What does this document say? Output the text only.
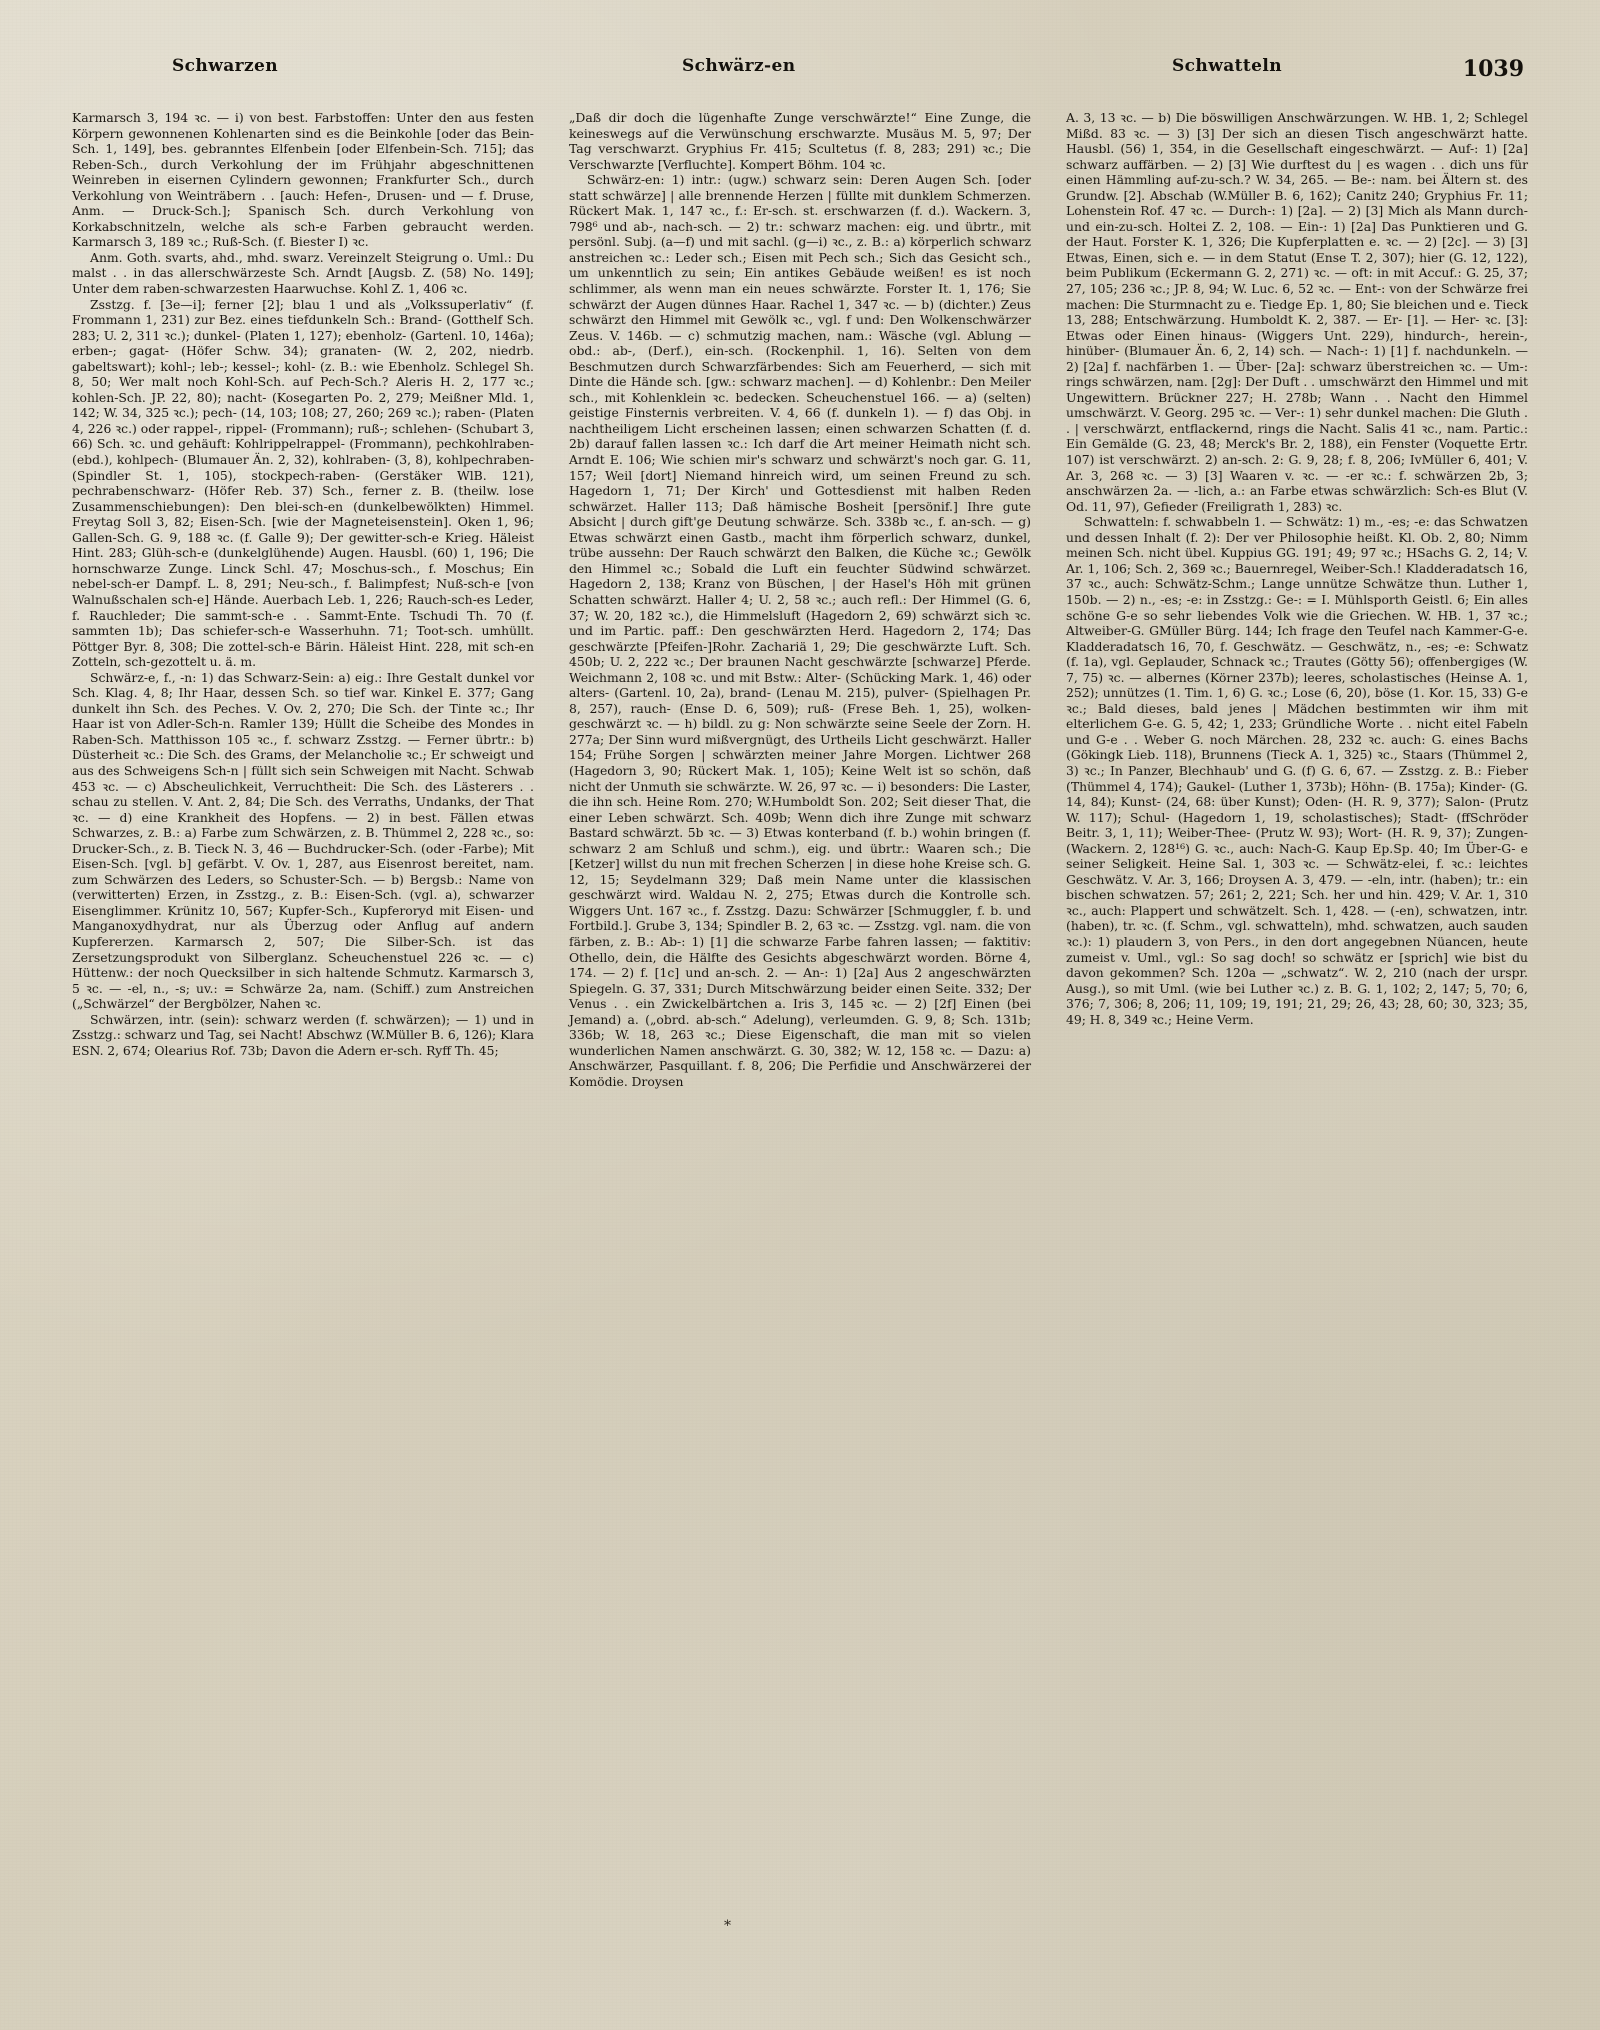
Schwarzen	Schwärz-en	Schwatteln	1039

Karmarsch 3, 194 ꝛc. — i) von best. Farbstoffen: Unter den aus festen Körpern gewonnenen Kohlenarten sind es die Beinkohle [oder das Bein-Sch. 1, 149], bes. gebranntes Elfenbein [oder Elfenbein-Sch. 715]; das Reben-Sch., durch Verkohlung der im Frühjahr abgeschnittenen Weinreben in eisernen Cylindern gewonnen; Frankfurter Sch., durch Verkohlung von Weinträbern . . [auch: Hefen-, Drusen- und — f. Druse, Anm. — Druck-Sch.]; Spanisch Sch. durch Verkohlung von Korkabschnitzeln, welche als sch-e Farben gebraucht werden. Karmarsch 3, 189 ꝛc.; Ruß-Sch. (f. Biester I) ꝛc.

Anm. Goth. svarts, ahd., mhd. swarz. Vereinzelt Steigrung o. Uml.: Du malst . . in das allerschwärzeste Sch. Arndt [Augsb. Z. (58) No. 149]; Unter dem raben-schwarzesten Haarwuchse. Kohl Z. 1, 406 ꝛc.

Zsstzg. f. [3e—i]; ferner [2]; blau 1 und als „Volkssuperlativ“ (f. Frommann 1, 231) zur Bez. eines tiefdunkeln Sch.: Brand- (Gotthelf Sch. 283; U. 2, 311 ꝛc.); dunkel- (Platen 1, 127); ebenholz- (Gartenl. 10, 146a); erben-; gagat- (Höfer Schw. 34); granaten- (W. 2, 202, niedrb. gabeltswart); kohl-; leb-; kessel-; kohl- (z. B.: wie Ebenholz. Schlegel Sh. 8, 50; Wer malt noch Kohl-Sch. auf Pech-Sch.? Aleris H. 2, 177 ꝛc.; kohlen-Sch. JP. 22, 80); nacht- (Kosegarten Po. 2, 279; Meißner Mld. 1, 142; W. 34, 325 ꝛc.); pech- (14, 103; 108; 27, 260; 269 ꝛc.); raben- (Platen 4, 226 ꝛc.) oder rappel-, rippel- (Frommann); ruß-; schlehen- (Schubart 3, 66) Sch. ꝛc. und gehäuft: Kohlrippelrappel- (Frommann), pechkohlraben- (ebd.), kohlpech- (Blumauer Än. 2, 32), kohlraben- (3, 8), kohlpechraben- (Spindler St. 1, 105), stockpech-raben- (Gerstäker WlB. 121), pechrabenschwarz- (Höfer Reb. 37) Sch., ferner z. B. (theilw. lose Zusammenschiebungen): Den blei-sch-en (dunkelbewölkten) Himmel. Freytag Soll 3, 82; Eisen-Sch. [wie der Magneteisenstein]. Oken 1, 96; Gallen-Sch. G. 9, 188 ꝛc. (f. Galle 9); Der gewitter-sch-e Krieg. Häleist Hint. 283; Glüh-sch-e (dunkelglühende) Augen. Hausbl. (60) 1, 196; Die hornschwarze Zunge. Linck Schl. 47; Moschus-sch., f. Moschus; Ein nebel-sch-er Dampf. L. 8, 291; Neu-sch., f. Balimpfest; Nuß-sch-e [von Walnußschalen sch-e] Hände. Auerbach Leb. 1, 226; Rauch-sch-es Leder, f. Rauchleder; Die sammt-sch-e . . Sammt-Ente. Tschudi Th. 70 (f. sammten 1b); Das schiefer-sch-e Wasserhuhn. 71; Toot-sch. umhüllt. Pöttger Byr. 8, 308; Die zottel-sch-e Bärin. Häleist Hint. 228, mit sch-en Zotteln, sch-gezottelt u. ä. m.

Schwärz-e, f., -n: 1) das Schwarz-Sein: a) eig.: Ihre Gestalt dunkel vor Sch. Klag. 4, 8; Ihr Haar, dessen Sch. so tief war. Kinkel E. 377; Gang dunkelt ihn Sch. des Peches. V. Ov. 2, 270; Die Sch. der Tinte ꝛc.; Ihr Haar ist von Adler-Sch-n. Ramler 139; Hüllt die Scheibe des Mondes in Raben-Sch. Matthisson 105 ꝛc., f. schwarz Zsstzg. — Ferner übrtr.: b) Düsterheit ꝛc.: Die Sch. des Grams, der Melancholie ꝛc.; Er schweigt und aus des Schweigens Sch-n | füllt sich sein Schweigen mit Nacht. Schwab 453 ꝛc. — c) Abscheulichkeit, Verruchtheit: Die Sch. des Lästerers . . schau zu stellen. V. Ant. 2, 84; Die Sch. des Verraths, Undanks, der That ꝛc. — d) eine Krankheit des Hopfens. — 2) in best. Fällen etwas Schwarzes, z. B.: a) Farbe zum Schwärzen, z. B. Thümmel 2, 228 ꝛc., so: Drucker-Sch., z. B. Tieck N. 3, 46 — Buchdrucker-Sch. (oder -Farbe); Mit Eisen-Sch. [vgl. b] gefärbt. V. Ov. 1, 287, aus Eisenrost bereitet, nam. zum Schwärzen des Leders, so Schuster-Sch. — b) Bergsb.: Name von (verwitterten) Erzen, in Zsstzg., z. B.: Eisen-Sch. (vgl. a), schwarzer Eisenglimmer. Krünitz 10, 567; Kupfer-Sch., Kupferoryd mit Eisen- und Manganoxydhydrat, nur als Überzug oder Anflug auf andern Kupfererzen. Karmarsch 2, 507; Die Silber-Sch. ist das Zersetzungsprodukt von Silberglanz. Scheuchenstuel 226 ꝛc. — c) Hüttenw.: der noch Quecksilber in sich haltende Schmutz. Karmarsch 3, 5 ꝛc. — -el, n., -s; uv.: = Schwärze 2a, nam. (Schiff.) zum Anstreichen („Schwärzel“ der Bergbölzer, Nahen ꝛc.

Schwärzen, intr. (sein): schwarz werden (f. schwärzen); — 1) und in Zsstzg.: schwarz und Tag, sei Nacht! Abschwz (W.Müller B. 6, 126); Klara ESN. 2, 674; Olearius Rof. 73b; Davon die Adern er-sch. Ryff Th. 45;

„Daß dir doch die lügenhafte Zunge verschwärzte!“ Eine Zunge, die keineswegs auf die Verwünschung erschwarzte. Musäus M. 5, 97; Der Tag verschwarzt. Gryphius Fr. 415; Scultetus (f. 8, 283; 291) ꝛc.; Die Verschwarzte [Verfluchte]. Kompert Böhm. 104 ꝛc.

Schwärz-en: 1) intr.: (ugw.) schwarz sein: Deren Augen Sch. [oder statt schwärze] | alle brennende Herzen | füllte mit dunklem Schmerzen. Rückert Mak. 1, 147 ꝛc., f.: Er-sch. st. erschwarzen (f. d.). Wackern. 3, 798⁶ und ab-, nach-sch. — 2) tr.: schwarz machen: eig. und übrtr., mit persönl. Subj. (a—f) und mit sachl. (g—i) ꝛc., z. B.: a) körperlich schwarz anstreichen ꝛc.: Leder sch.; Eisen mit Pech sch.; Sich das Gesicht sch., um unkenntlich zu sein; Ein antikes Gebäude weißen! es ist noch schlimmer, als wenn man ein neues schwärzte. Forster It. 1, 176; Sie schwärzt der Augen dünnes Haar. Rachel 1, 347 ꝛc. — b) (dichter.) Zeus schwärzt den Himmel mit Gewölk ꝛc., vgl. f und: Den Wolkenschwärzer Zeus. V. 146b. — c) schmutzig machen, nam.: Wäsche (vgl. Ablung — obd.: ab-, (Derf.), ein-sch. (Rockenphil. 1, 16). Selten von dem Beschmutzen durch Schwarzfärbendes: Sich am Feuerherd, — sich mit Dinte die Hände sch. [gw.: schwarz machen]. — d) Kohlenbr.: Den Meiler sch., mit Kohlenklein ꝛc. bedecken. Scheuchenstuel 166. — a) (selten) geistige Finsternis verbreiten. V. 4, 66 (f. dunkeln 1). — f) das Obj. in nachtheiligem Licht erscheinen lassen; einen schwarzen Schatten (f. d. 2b) darauf fallen lassen ꝛc.: Ich darf die Art meiner Heimath nicht sch. Arndt E. 106; Wie schien mir's schwarz und schwärzt's noch gar. G. 11, 157; Weil [dort] Niemand hinreich wird, um seinen Freund zu sch. Hagedorn 1, 71; Der Kirch' und Gottesdienst mit halben Reden schwärzet. Haller 113; Daß hämische Bosheit [persönif.] Ihre gute Absicht | durch gift'ge Deutung schwärze. Sch. 338b ꝛc., f. an-sch. — g) Etwas schwärzt einen Gastb., macht ihm förperlich schwarz, dunkel, trübe aussehn: Der Rauch schwärzt den Balken, die Küche ꝛc.; Gewölk den Himmel ꝛc.; Sobald die Luft ein feuchter Südwind schwärzet. Hagedorn 2, 138; Kranz von Büschen, | der Hasel's Höh mit grünen Schatten schwärzt. Haller 4; U. 2, 58 ꝛc.; auch refl.: Der Himmel (G. 6, 37; W. 20, 182 ꝛc.), die Himmelsluft (Hagedorn 2, 69) schwärzt sich ꝛc. und im Partic. paff.: Den geschwärzten Herd. Hagedorn 2, 174; Das geschwärzte [Pfeifen-]Rohr. Zachariä 1, 29; Die geschwärzte Luft. Sch. 450b; U. 2, 222 ꝛc.; Der braunen Nacht geschwärzte [schwarze] Pferde. Weichmann 2, 108 ꝛc. und mit Bstw.: Alter- (Schücking Mark. 1, 46) oder alters- (Gartenl. 10, 2a), brand- (Lenau M. 215), pulver- (Spielhagen Pr. 8, 257), rauch- (Ense D. 6, 509); ruß- (Frese Beh. 1, 25), wolken-geschwärzt ꝛc. — h) bildl. zu g: Non schwärzte seine Seele der Zorn. H. 277a; Der Sinn wurd mißvergnügt, des Urtheils Licht geschwärzt. Haller 154; Frühe Sorgen | schwärzten meiner Jahre Morgen. Lichtwer 268 (Hagedorn 3, 90; Rückert Mak. 1, 105); Keine Welt ist so schön, daß nicht der Unmuth sie schwärzte. W. 26, 97 ꝛc. — i) besonders: Die Laster, die ihn sch. Heine Rom. 270; W.Humboldt Son. 202; Seit dieser That, die einer Leben schwärzt. Sch. 409b; Wenn dich ihre Zunge mit schwarz Bastard schwärzt. 5b ꝛc. — 3) Etwas konterband (f. b.) wohin bringen (f. schwarz 2 am Schluß und schm.), eig. und übrtr.: Waaren sch.; Die [Ketzer] willst du nun mit frechen Scherzen | in diese hohe Kreise sch. G. 12, 15; Seydelmann 329; Daß mein Name unter die klassischen geschwärzt wird. Waldau N. 2, 275; Etwas durch die Kontrolle sch. Wiggers Unt. 167 ꝛc., f. Zsstzg. Dazu: Schwärzer [Schmuggler, f. b. und Fortbild.]. Grube 3, 134; Spindler B. 2, 63 ꝛc. — Zsstzg. vgl. nam. die von färben, z. B.: Ab-: 1) [1] die schwarze Farbe fahren lassen; — faktitiv: Othello, dein, die Hälfte des Gesichts abgeschwärzt worden. Börne 4, 174. — 2) f. [1c] und an-sch. 2. — An-: 1) [2a] Aus 2 angeschwärzten Spiegeln. G. 37, 331; Durch Mitschwärzung beider einen Seite. 332; Der Venus . . ein Zwickelbärtchen a. Iris 3, 145 ꝛc. — 2) [2f] Einen (bei Jemand) a. („obrd. ab-sch.“ Adelung), verleumden. G. 9, 8; Sch. 131b; 336b; W. 18, 263 ꝛc.; Diese Eigenschaft, die man mit so vielen wunderlichen Namen anschwärzt. G. 30, 382; W. 12, 158 ꝛc. — Dazu: a) Anschwärzer, Pasquillant. f. 8, 206; Die Perfidie und Anschwärzerei der Komödie. Droysen

A. 3, 13 ꝛc. — b) Die böswilligen Anschwärzungen. W. HB. 1, 2; Schlegel Mißd. 83 ꝛc. — 3) [3] Der sich an diesen Tisch angeschwärzt hatte. Hausbl. (56) 1, 354, in die Gesellschaft eingeschwärzt. — Auf-: 1) [2a] schwarz auffärben. — 2) [3] Wie durftest du | es wagen . . dich uns für einen Hämmling auf-zu-sch.? W. 34, 265. — Be-: nam. bei Ältern st. des Grundw. [2]. Abschab (W.Müller B. 6, 162); Canitz 240; Gryphius Fr. 11; Lohenstein Rof. 47 ꝛc. — Durch-: 1) [2a]. — 2) [3] Mich als Mann durch- und ein-zu-sch. Holtei Z. 2, 108. — Ein-: 1) [2a] Das Punktieren und G. der Haut. Forster K. 1, 326; Die Kupferplatten e. ꝛc. — 2) [2c]. — 3) [3] Etwas, Einen, sich e. — in dem Statut (Ense T. 2, 307); hier (G. 12, 122), beim Publikum (Eckermann G. 2, 271) ꝛc. — oft: in mit Accuf.: G. 25, 37; 27, 105; 236 ꝛc.; JP. 8, 94; W. Luc. 6, 52 ꝛc. — Ent-: von der Schwärze frei machen: Die Sturmnacht zu e. Tiedge Ep. 1, 80; Sie bleichen und e. Tieck 13, 288; Entschwärzung. Humboldt K. 2, 387. — Er- [1]. — Her- ꝛc. [3]: Etwas oder Einen hinaus- (Wiggers Unt. 229), hindurch-, herein-, hinüber- (Blumauer Än. 6, 2, 14) sch. — Nach-: 1) [1] f. nachdunkeln. — 2) [2a] f. nachfärben 1. — Über- [2a]: schwarz überstreichen ꝛc. — Um-: rings schwärzen, nam. [2g]: Der Duft . . umschwärzt den Himmel und mit Ungewittern. Brückner 227; H. 278b; Wann . . Nacht den Himmel umschwärzt. V. Georg. 295 ꝛc. — Ver-: 1) sehr dunkel machen: Die Gluth . . | verschwärzt, entflackernd, rings die Nacht. Salis 41 ꝛc., nam. Partic.: Ein Gemälde (G. 23, 48; Merck's Br. 2, 188), ein Fenster (Voquette Ertr. 107) ist verschwärzt. 2) an-sch. 2: G. 9, 28; f. 8, 206; IvMüller 6, 401; V. Ar. 3, 268 ꝛc. — 3) [3] Waaren v. ꝛc. — -er ꝛc.: f. schwärzen 2b, 3; anschwärzen 2a. — -lich, a.: an Farbe etwas schwärzlich: Sch-es Blut (V. Od. 11, 97), Gefieder (Freiligrath 1, 283) ꝛc.

Schwatteln: f. schwabbeln 1. — Schwätz: 1) m., -es; -e: das Schwatzen und dessen Inhalt (f. 2): Der ver Philosophie heißt. Kl. Ob. 2, 80; Nimm meinen Sch. nicht übel. Kuppius GG. 191; 49; 97 ꝛc.; HSachs G. 2, 14; V. Ar. 1, 106; Sch. 2, 369 ꝛc.; Bauernregel, Weiber-Sch.! Kladderadatsch 16, 37 ꝛc., auch: Schwätz-Schm.; Lange unnütze Schwätze thun. Luther 1, 150b. — 2) n., -es; -e: in Zsstzg.: Ge-: = I. Mühlsporth Geistl. 6; Ein alles schöne G-e so sehr liebendes Volk wie die Griechen. W. HB. 1, 37 ꝛc.; Altweiber-G. GMüller Bürg. 144; Ich frage den Teufel nach Kammer-G-e. Kladderadatsch 16, 70, f. Geschwätz. — Geschwätz, n., -es; -e: Schwatz (f. 1a), vgl. Geplauder, Schnack ꝛc.; Trautes (Götty 56); offenbergiges (W. 7, 75) ꝛc. — albernes (Körner 237b); leeres, scholastisches (Heinse A. 1, 252); unnützes (1. Tim. 1, 6) G. ꝛc.; Lose (6, 20), böse (1. Kor. 15, 33) G-e ꝛc.; Bald dieses, bald jenes | Mädchen bestimmten wir ihm mit elterlichem G-e. G. 5, 42; 1, 233; Gründliche Worte . . nicht eitel Fabeln und G-e . . Weber G. noch Märchen. 28, 232 ꝛc. auch: G. eines Bachs (Gökingk Lieb. 118), Brunnens (Tieck A. 1, 325) ꝛc., Staars (Thümmel 2, 3) ꝛc.; In Panzer, Blechhaub' und G. (f) G. 6, 67. — Zsstzg. z. B.: Fieber (Thümmel 4, 174); Gaukel- (Luther 1, 373b); Höhn- (B. 175a); Kinder- (G. 14, 84); Kunst- (24, 68: über Kunst); Oden- (H. R. 9, 377); Salon- (Prutz W. 117); Schul- (Hagedorn 1, 19, scholastisches); Stadt- (ffSchröder Beitr. 3, 1, 11); Weiber-Thee- (Prutz W. 93); Wort- (H. R. 9, 37); Zungen- (Wackern. 2, 128¹⁶) G. ꝛc., auch: Nach-G. Kaup Ep.Sp. 40; Im Über-G- e seiner Seligkeit. Heine Sal. 1, 303 ꝛc. — Schwätz-elei, f. ꝛc.: leichtes Geschwätz. V. Ar. 3, 166; Droysen A. 3, 479. — -eln, intr. (haben); tr.: ein bischen schwatzen. 57; 261; 2, 221; Sch. her und hin. 429; V. Ar. 1, 310 ꝛc., auch: Plappert und schwätzelt. Sch. 1, 428. — (-en), schwatzen, intr. (haben), tr. ꝛc. (f. Schm., vgl. schwatteln), mhd. schwatzen, auch sauden ꝛc.): 1) plaudern 3, von Pers., in den dort angegebnen Nüancen, heute zumeist v. Uml., vgl.: So sag doch! so schwätz er [sprich] wie bist du davon gekommen? Sch. 120a — „schwatz“. W. 2, 210 (nach der urspr. Ausg.), so mit Uml. (wie bei Luther ꝛc.) z. B. G. 1, 102; 2, 147; 5, 70; 6, 376; 7, 306; 8, 206; 11, 109; 19, 191; 21, 29; 26, 43; 28, 60; 30, 323; 35, 49; H. 8, 349 ꝛc.; Heine Verm.

*
